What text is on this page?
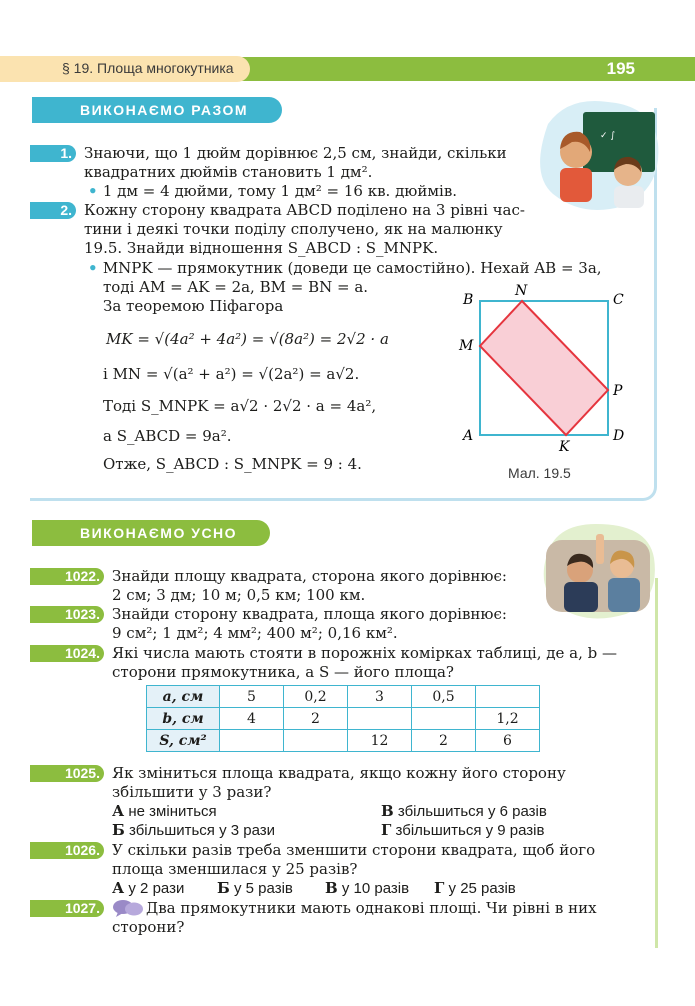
§ 19. Площа многокутника	195
ВИКОНАЄМО РАЗОМ
✓ ∫
1. Знаючи, що 1 дюйм дорівнює 2,5 см, знайди, скільки
квадратних дюймів становить 1 дм².
• 1 дм = 4 дюйми, тому 1 дм² = 16 кв. дюймів.
2. Кожну сторону квадрата ABCD поділено на 3 рівні час-
тини і деякі точки поділу сполучено, як на малюнку
19.5. Знайди відношення S_ABCD : S_MNPK.
• MNPK — прямокутник (доведи це самостійно). Нехай AB = 3a,
тоді AM = AK = 2a, BM = BN = a.
За теоремою Піфагора
MK = √(4a² + 4a²) = √(8a²) = 2√2 · a
і MN = √(a² + a²) = √(2a²) = a√2.
Тоді S_MNPK = a√2 · 2√2 · a = 4a²,
а S_ABCD = 9a².
Отже, S_ABCD : S_MNPK = 9 : 4.
B
N
C
M
P
A
K
D
Мал. 19.5
ВИКОНАЄМО УСНО
1022. Знайди площу квадрата, сторона якого дорівнює:
2 см; 3 дм; 10 м; 0,5 км; 100 км.
1023. Знайди сторону квадрата, площа якого дорівнює:
9 см²; 1 дм²; 4 мм²; 400 м²; 0,16 км².
1024. Які числа мають стояти в порожніх комірках таблиці, де a, b —
сторони прямокутника, а S — його площа?
a, см	5	0,2	3	0,5	
b, см	4	2			1,2
S, см²			12	2	6
1025. Як зміниться площа квадрата, якщо кожну його сторону
збільшити у 3 рази?
А не зміниться	В збільшиться у 6 разів
Б збільшиться у 3 рази	Г збільшиться у 9 разів
1026. У скільки разів треба зменшити сторони квадрата, щоб його
площа зменшилася у 25 разів?
А у 2 рази Б у 5 разів В у 10 разів Г у 25 разів
1027.	Два прямокутники мають однакові площі. Чи рівні в них
сторони?
